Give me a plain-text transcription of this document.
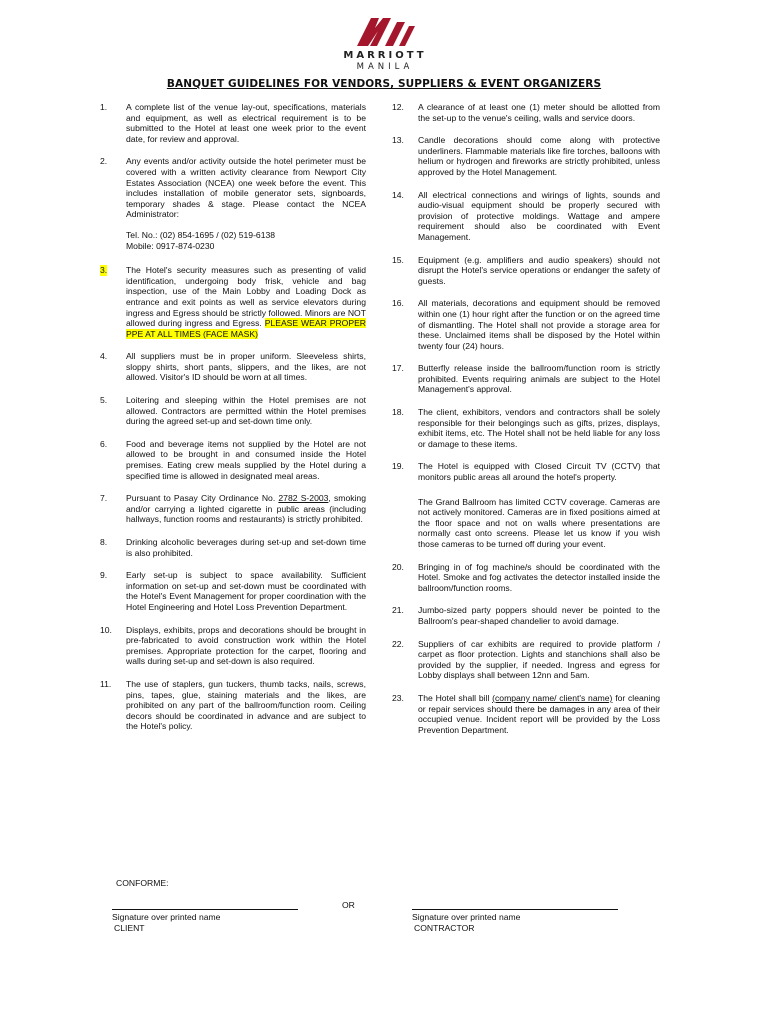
MARRIOTT
MANILA
BANQUET GUIDELINES FOR VENDORS, SUPPLIERS & EVENT ORGANIZERS
1. A complete list of the venue lay-out, specifications, materials and equipment, as well as electrical requirement is to be submitted to the Hotel at least one week prior to the event date, for review and approval.
2. Any events and/or activity outside the hotel perimeter must be covered with a written activity clearance from Newport City Estates Association (NCEA) one week before the event. This includes installation of mobile generator sets, signboards, temporary shades & stage. Please contact the NCEA Administrator:
Tel. No.: (02) 854-1695 / (02) 519-6138
Mobile: 0917-874-0230
3. The Hotel's security measures such as presenting of valid identification, undergoing body frisk, vehicle and bag inspection, use of the Main Lobby and Loading Dock as entrance and exit points as well as service elevators during ingress and Egress should be strictly followed. Minors are NOT allowed during ingress and Egress. PLEASE WEAR PROPER PPE AT ALL TIMES (FACE MASK)
4. All suppliers must be in proper uniform. Sleeveless shirts, sloppy shirts, short pants, slippers, and the likes, are not allowed. Visitor's ID should be worn at all times.
5. Loitering and sleeping within the Hotel premises are not allowed. Contractors are permitted within the Hotel premises during the agreed set-up and set-down time only.
6. Food and beverage items not supplied by the Hotel are not allowed to be brought in and consumed inside the Hotel premises. Eating crew meals supplied by the Hotel during a specified time is allowed in designated meal areas.
7. Pursuant to Pasay City Ordinance No. 2782 S-2003, smoking and/or carrying a lighted cigarette in public areas (including hallways, function rooms and restaurants) is strictly prohibited.
8. Drinking alcoholic beverages during set-up and set-down time is also prohibited.
9. Early set-up is subject to space availability. Sufficient information on set-up and set-down must be coordinated with the Hotel's Event Management for proper coordination with the Hotel Engineering and Hotel Loss Prevention Department.
10. Displays, exhibits, props and decorations should be brought in pre-fabricated to avoid construction work within the Hotel premises. Appropriate protection for the carpet, flooring and walls during set-up and set-down is also required.
11. The use of staplers, gun tuckers, thumb tacks, nails, screws, pins, tapes, glue, staining materials and the likes, are prohibited on any part of the ballroom/function room. Ceiling decors should be coordinated in advance and are subject to the Hotel's policy.
12. A clearance of at least one (1) meter should be allotted from the set-up to the venue's ceiling, walls and service doors.
13. Candle decorations should come along with protective underliners. Flammable materials like fire torches, balloons with helium or hydrogen and fireworks are strictly prohibited, unless approved by the Hotel Management.
14. All electrical connections and wirings of lights, sounds and audio-visual equipment should be properly secured with provision of protective moldings. Wattage and ampere requirement should also be coordinated with Event Management.
15. Equipment (e.g. amplifiers and audio speakers) should not disrupt the Hotel's service operations or endanger the safety of guests.
16. All materials, decorations and equipment should be removed within one (1) hour right after the function or on the agreed time of dismantling. The Hotel shall not provide a storage area for these. Unclaimed items shall be disposed by the Hotel within twenty four (24) hours.
17. Butterfly release inside the ballroom/function room is strictly prohibited. Events requiring animals are subject to the Hotel Management's approval.
18. The client, exhibitors, vendors and contractors shall be solely responsible for their belongings such as gifts, prizes, displays, exhibit items, etc. The Hotel shall not be held liable for any loss or damage to these items.
19. The Hotel is equipped with Closed Circuit TV (CCTV) that monitors public areas all around the hotel's property.
The Grand Ballroom has limited CCTV coverage. Cameras are not actively monitored. Cameras are in fixed positions aimed at the floor space and not on walls where presentations are normally cast onto screens. Please let us know if you wish those cameras to be turned off during your event.
20. Bringing in of fog machine/s should be coordinated with the Hotel. Smoke and fog activates the detector installed inside the ballroom/function rooms.
21. Jumbo-sized party poppers should never be pointed to the Ballroom's pear-shaped chandelier to avoid damage.
22. Suppliers of car exhibits are required to provide platform / carpet as floor protection. Lights and stanchions shall also be provided by the supplier, if needed. Ingress and egress for Lobby displays shall between 12nn and 5am.
23. The Hotel shall bill (company name/ client's name) for cleaning or repair services should there be damages in any area of their occupied venue. Incident report will be provided by the Loss Prevention Department.
CONFORME:
OR
Signature over printed name
CLIENT
Signature over printed name
CONTRACTOR
